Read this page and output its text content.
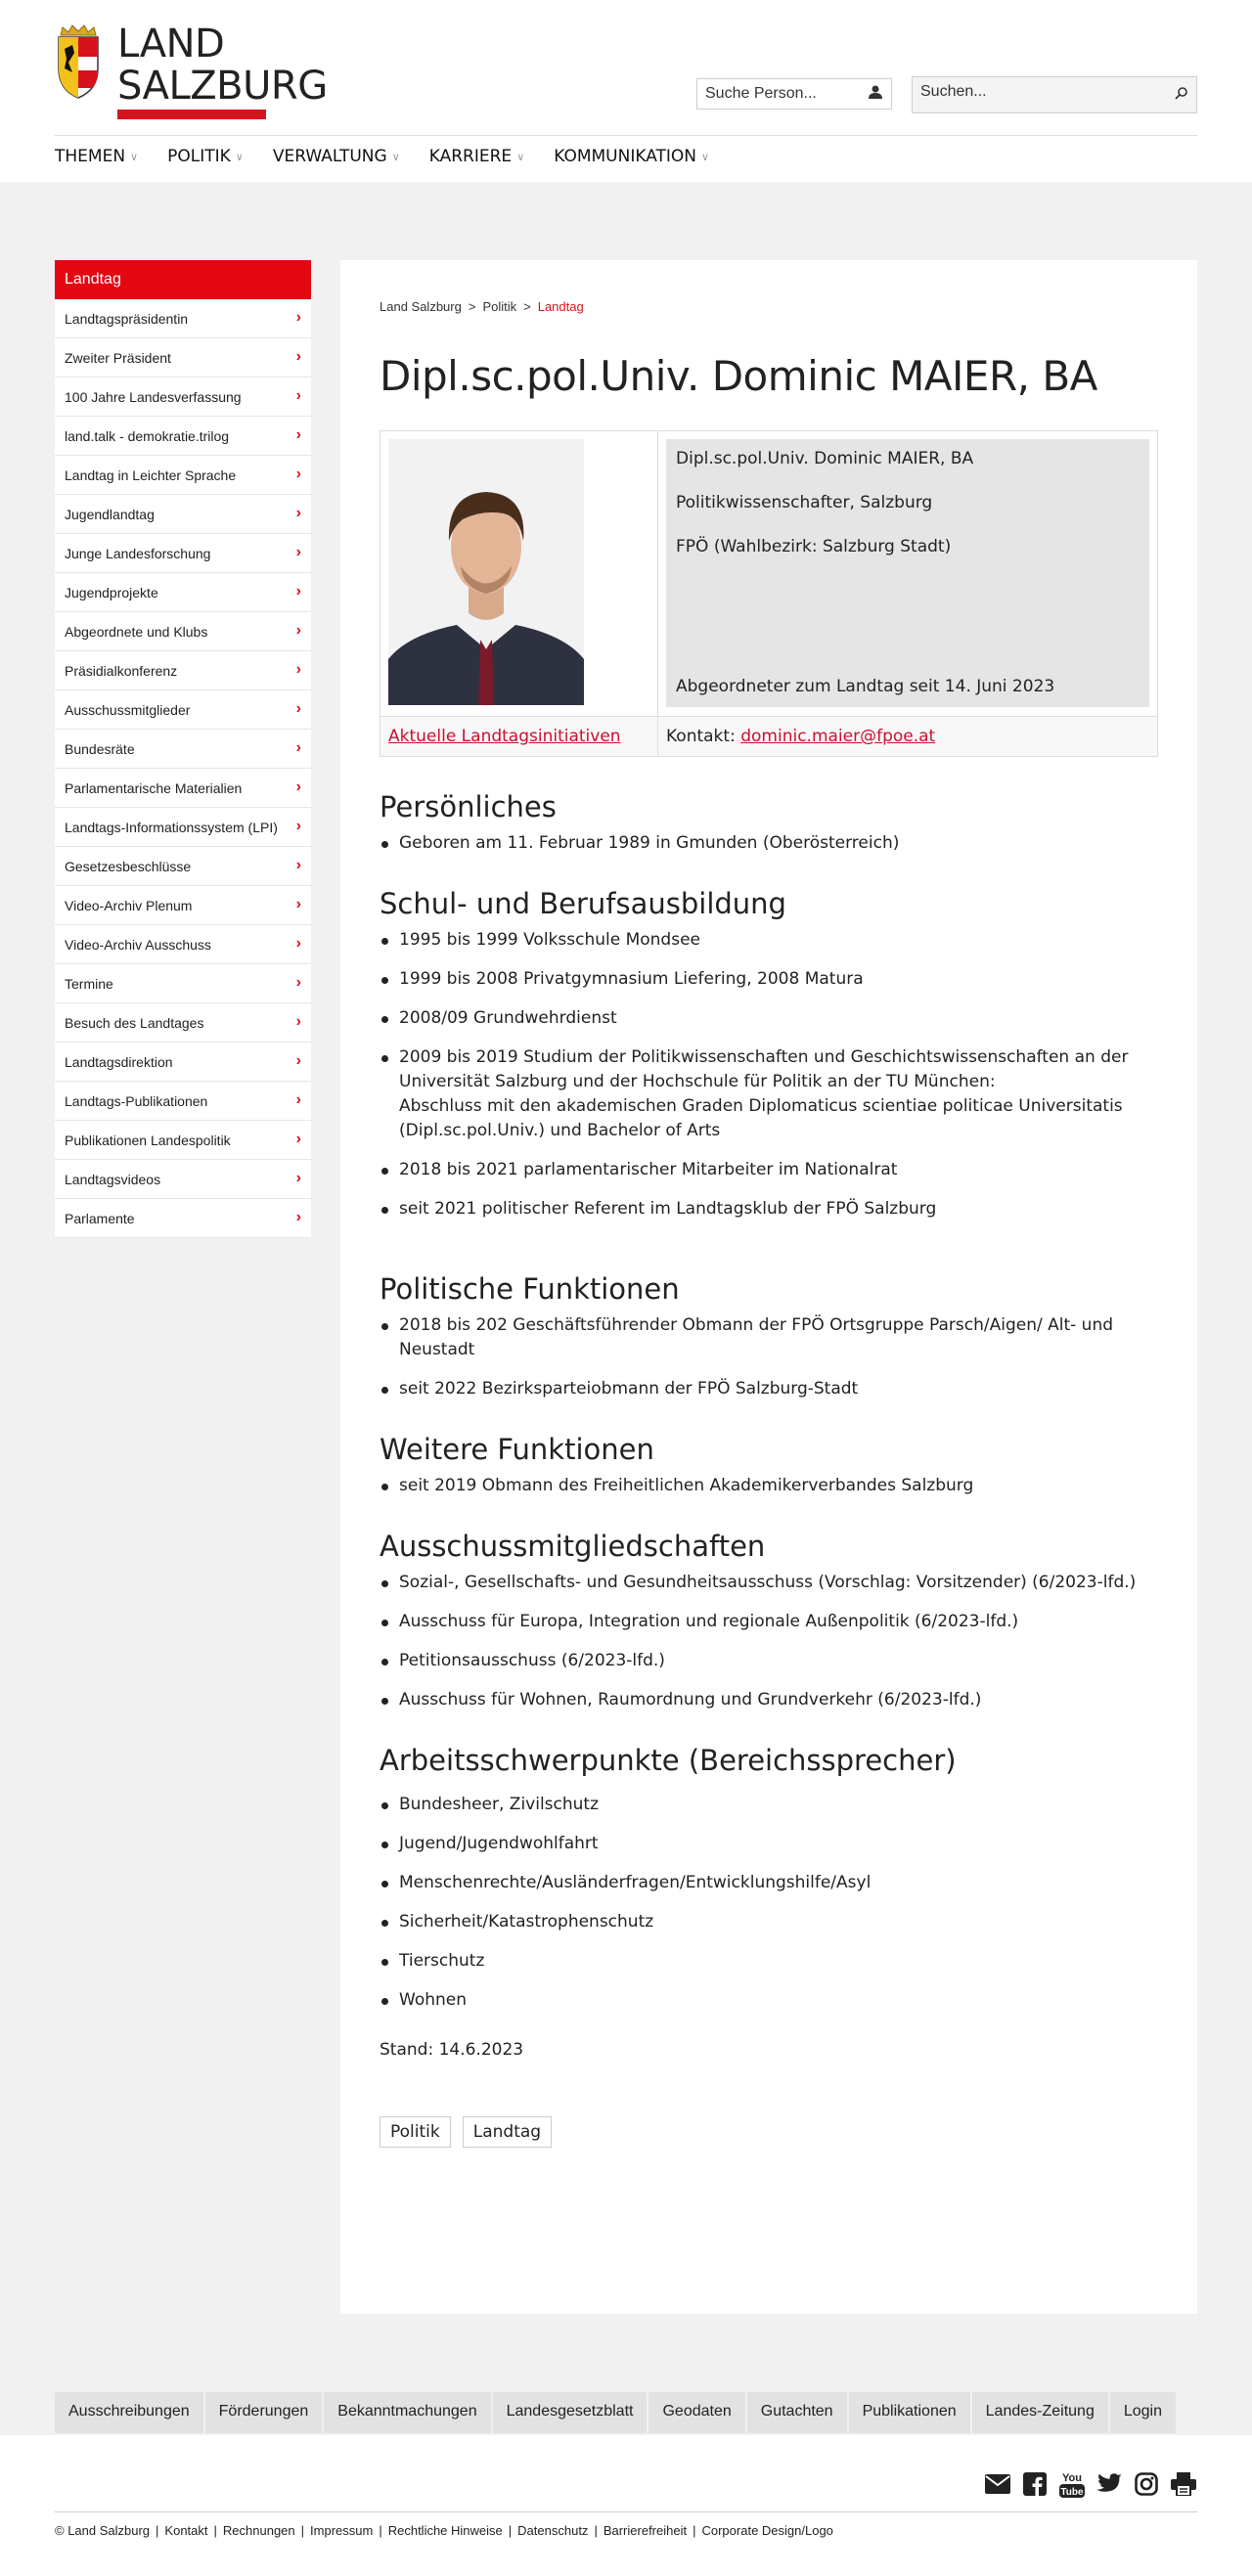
LAND
SALZBURG	Suche Person...	Suchen...
THEMEN ∨ POLITIK ∨ VERWALTUNG ∨ KARRIERE ∨ KOMMUNIKATION ∨
Landtag
Landtagspräsidentin	›
Zweiter Präsident	›
100 Jahre Landesverfassung	›
land.talk - demokratie.trilog	›
Landtag in Leichter Sprache	›
Jugendlandtag	›
Junge Landesforschung	›
Jugendprojekte	›
Abgeordnete und Klubs	›
Präsidialkonferenz	›
Ausschussmitglieder	›
Bundesräte	›
Parlamentarische Materialien	›
Landtags-Informationssystem (LPI) ›
Gesetzesbeschlüsse	›
Video-Archiv Plenum	›
Video-Archiv Ausschuss	›
Termine	›
Besuch des Landtages	›
Landtagsdirektion	›
Landtags-Publikationen	›
Publikationen Landespolitik	›
Landtagsvideos	›
Parlamente	›
Land Salzburg > Politik > Landtag
Dipl.sc.pol.Univ. Dominic MAIER, BA

Dipl.sc.pol.Univ. Dominic MAIER, BA

Politikwissenschafter, Salzburg

FPÖ (Wahlbezirk: Salzburg Stadt)

Abgeordneter zum Landtag seit 14. Juni 2023

Aktuelle Landtagsinitiativen	Kontakt: dominic.maier@fpoe.at
Persönliches
Geboren am 11. Februar 1989 in Gmunden (Oberösterreich)
Schul- und Berufsausbildung
1995 bis 1999 Volksschule Mondsee
1999 bis 2008 Privatgymnasium Liefering, 2008 Matura
2008/09 Grundwehrdienst
2009 bis 2019 Studium der Politikwissenschaften und Geschichtswissenschaften an der
Universität Salzburg und der Hochschule für Politik an der TU München:
Abschluss mit den akademischen Graden Diplomaticus scientiae politicae Universitatis
(Dipl.sc.pol.Univ.) und Bachelor of Arts
2018 bis 2021 parlamentarischer Mitarbeiter im Nationalrat
seit 2021 politischer Referent im Landtagsklub der FPÖ Salzburg
Politische Funktionen
2018 bis 202 Geschäftsführender Obmann der FPÖ Ortsgruppe Parsch/Aigen/ Alt- und Neustadt
seit 2022 Bezirksparteiobmann der FPÖ Salzburg-Stadt
Weitere Funktionen
seit 2019 Obmann des Freiheitlichen Akademikerverbandes Salzburg
Ausschussmitgliedschaften
Sozial-, Gesellschafts- und Gesundheitsausschuss (Vorschlag: Vorsitzender) (6/2023-lfd.)
Ausschuss für Europa, Integration und regionale Außenpolitik (6/2023-lfd.)
Petitionsausschuss (6/2023-lfd.)
Ausschuss für Wohnen, Raumordnung und Grundverkehr (6/2023-lfd.)
Arbeitsschwerpunkte (Bereichssprecher)
Bundesheer, Zivilschutz
Jugend/Jugendwohlfahrt
Menschenrechte/Ausländerfragen/Entwicklungshilfe/Asyl
Sicherheit/Katastrophenschutz
Tierschutz
Wohnen

Stand: 14.6.2023

Politik	Landtag
Ausschreibungen	Förderungen	Bekanntmachungen	Landesgesetzblatt	Geodaten	Gutachten	Publikationen	Landes-Zeitung	Login
You
Tube
© Land Salzburg | Kontakt | Rechnungen | Impressum | Rechtliche Hinweise | Datenschutz | Barrierefreiheit | Corporate Design/Logo
